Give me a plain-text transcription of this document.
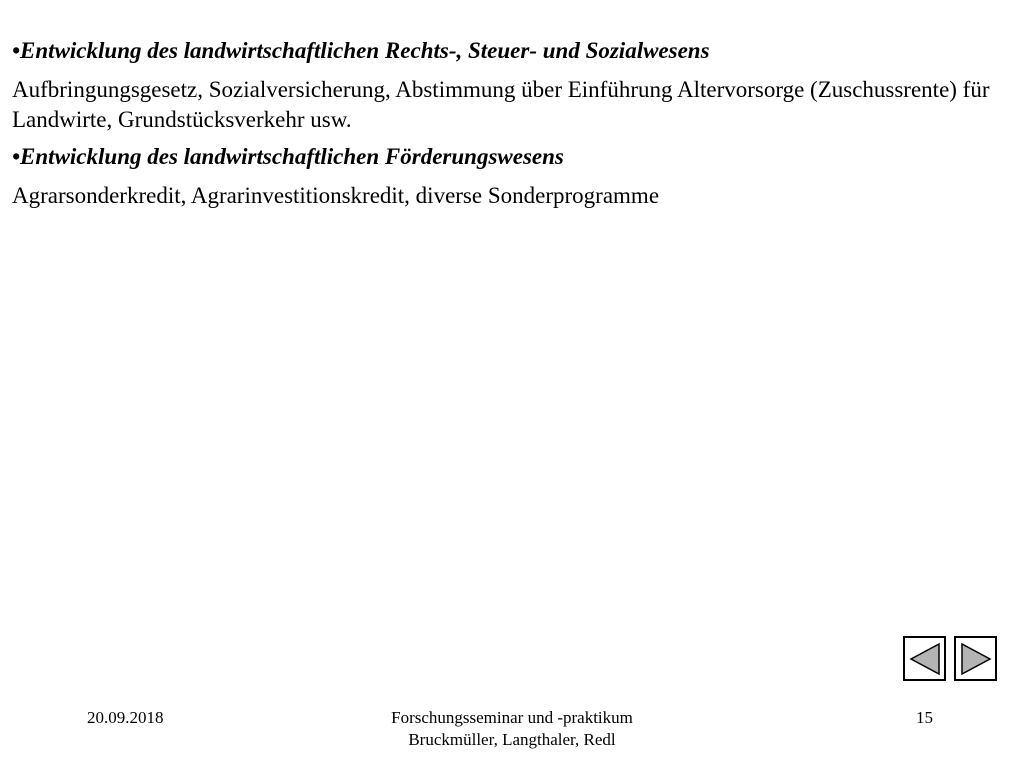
•Entwicklung des landwirtschaftlichen Rechts-, Steuer- und Sozialwesens
Aufbringungsgesetz, Sozialversicherung, Abstimmung über Einführung Altervorsorge (Zuschussrente) für Landwirte, Grundstücksverkehr usw.
•Entwicklung des landwirtschaftlichen Förderungswesens
Agrarsonderkredit, Agrarinvestitionskredit, diverse Sonderprogramme
20.09.2018	Forschungsseminar und -praktikum
Bruckmüller, Langthaler, Redl
15
